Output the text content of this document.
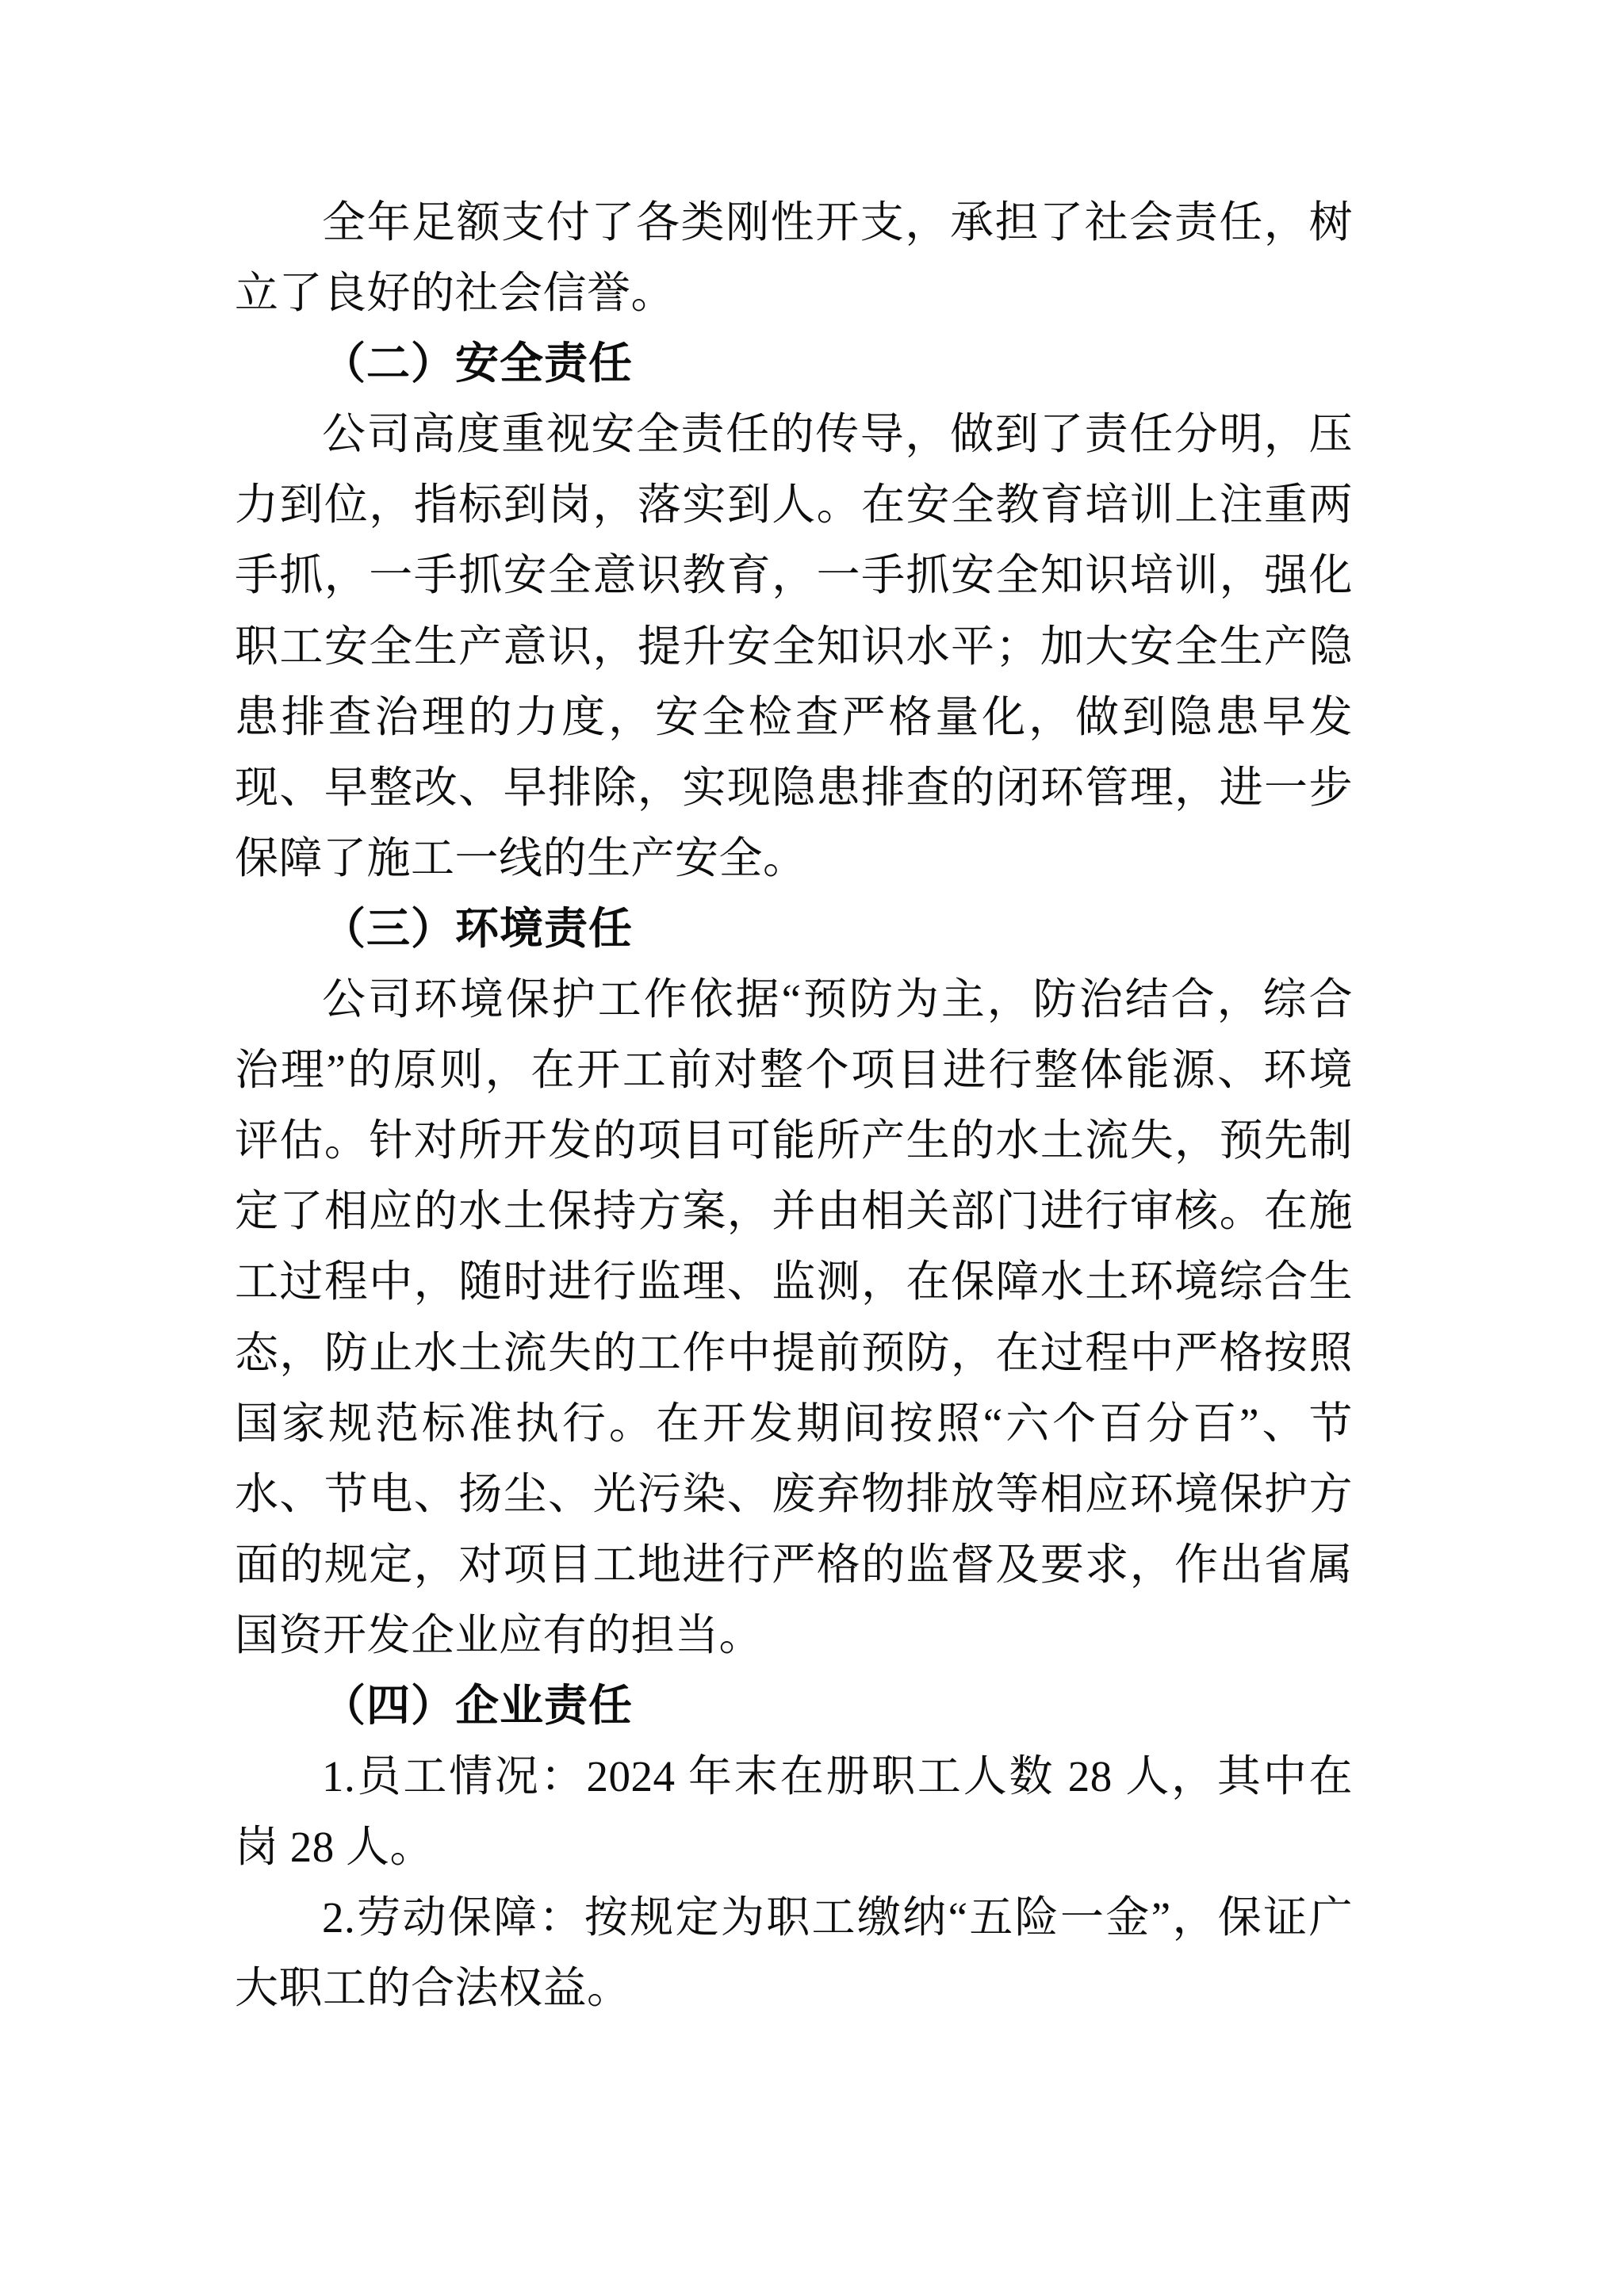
全年足额支付了各类刚性开支，承担了社会责任，树立了良好的社会信誉。

（二）安全责任

公司高度重视安全责任的传导，做到了责任分明，压力到位，指标到岗，落实到人。在安全教育培训上注重两手抓，一手抓安全意识教育，一手抓安全知识培训，强化职工安全生产意识，提升安全知识水平；加大安全生产隐患排查治理的力度，安全检查严格量化，做到隐患早发现、早整改、早排除，实现隐患排查的闭环管理，进一步保障了施工一线的生产安全。

（三）环境责任

公司环境保护工作依据“预防为主，防治结合，综合治理”的原则，在开工前对整个项目进行整体能源、环境评估。针对所开发的项目可能所产生的水土流失，预先制定了相应的水土保持方案，并由相关部门进行审核。在施工过程中，随时进行监理、监测，在保障水土环境综合生态，防止水土流失的工作中提前预防，在过程中严格按照国家规范标准执行。在开发期间按照“六个百分百”、节水、节电、扬尘、光污染、废弃物排放等相应环境保护方面的规定，对项目工地进行严格的监督及要求，作出省属国资开发企业应有的担当。

（四）企业责任

1.员工情况：2024 年末在册职工人数 28 人，其中在岗 28 人。

2.劳动保障：按规定为职工缴纳“五险一金”，保证广大职工的合法权益。
